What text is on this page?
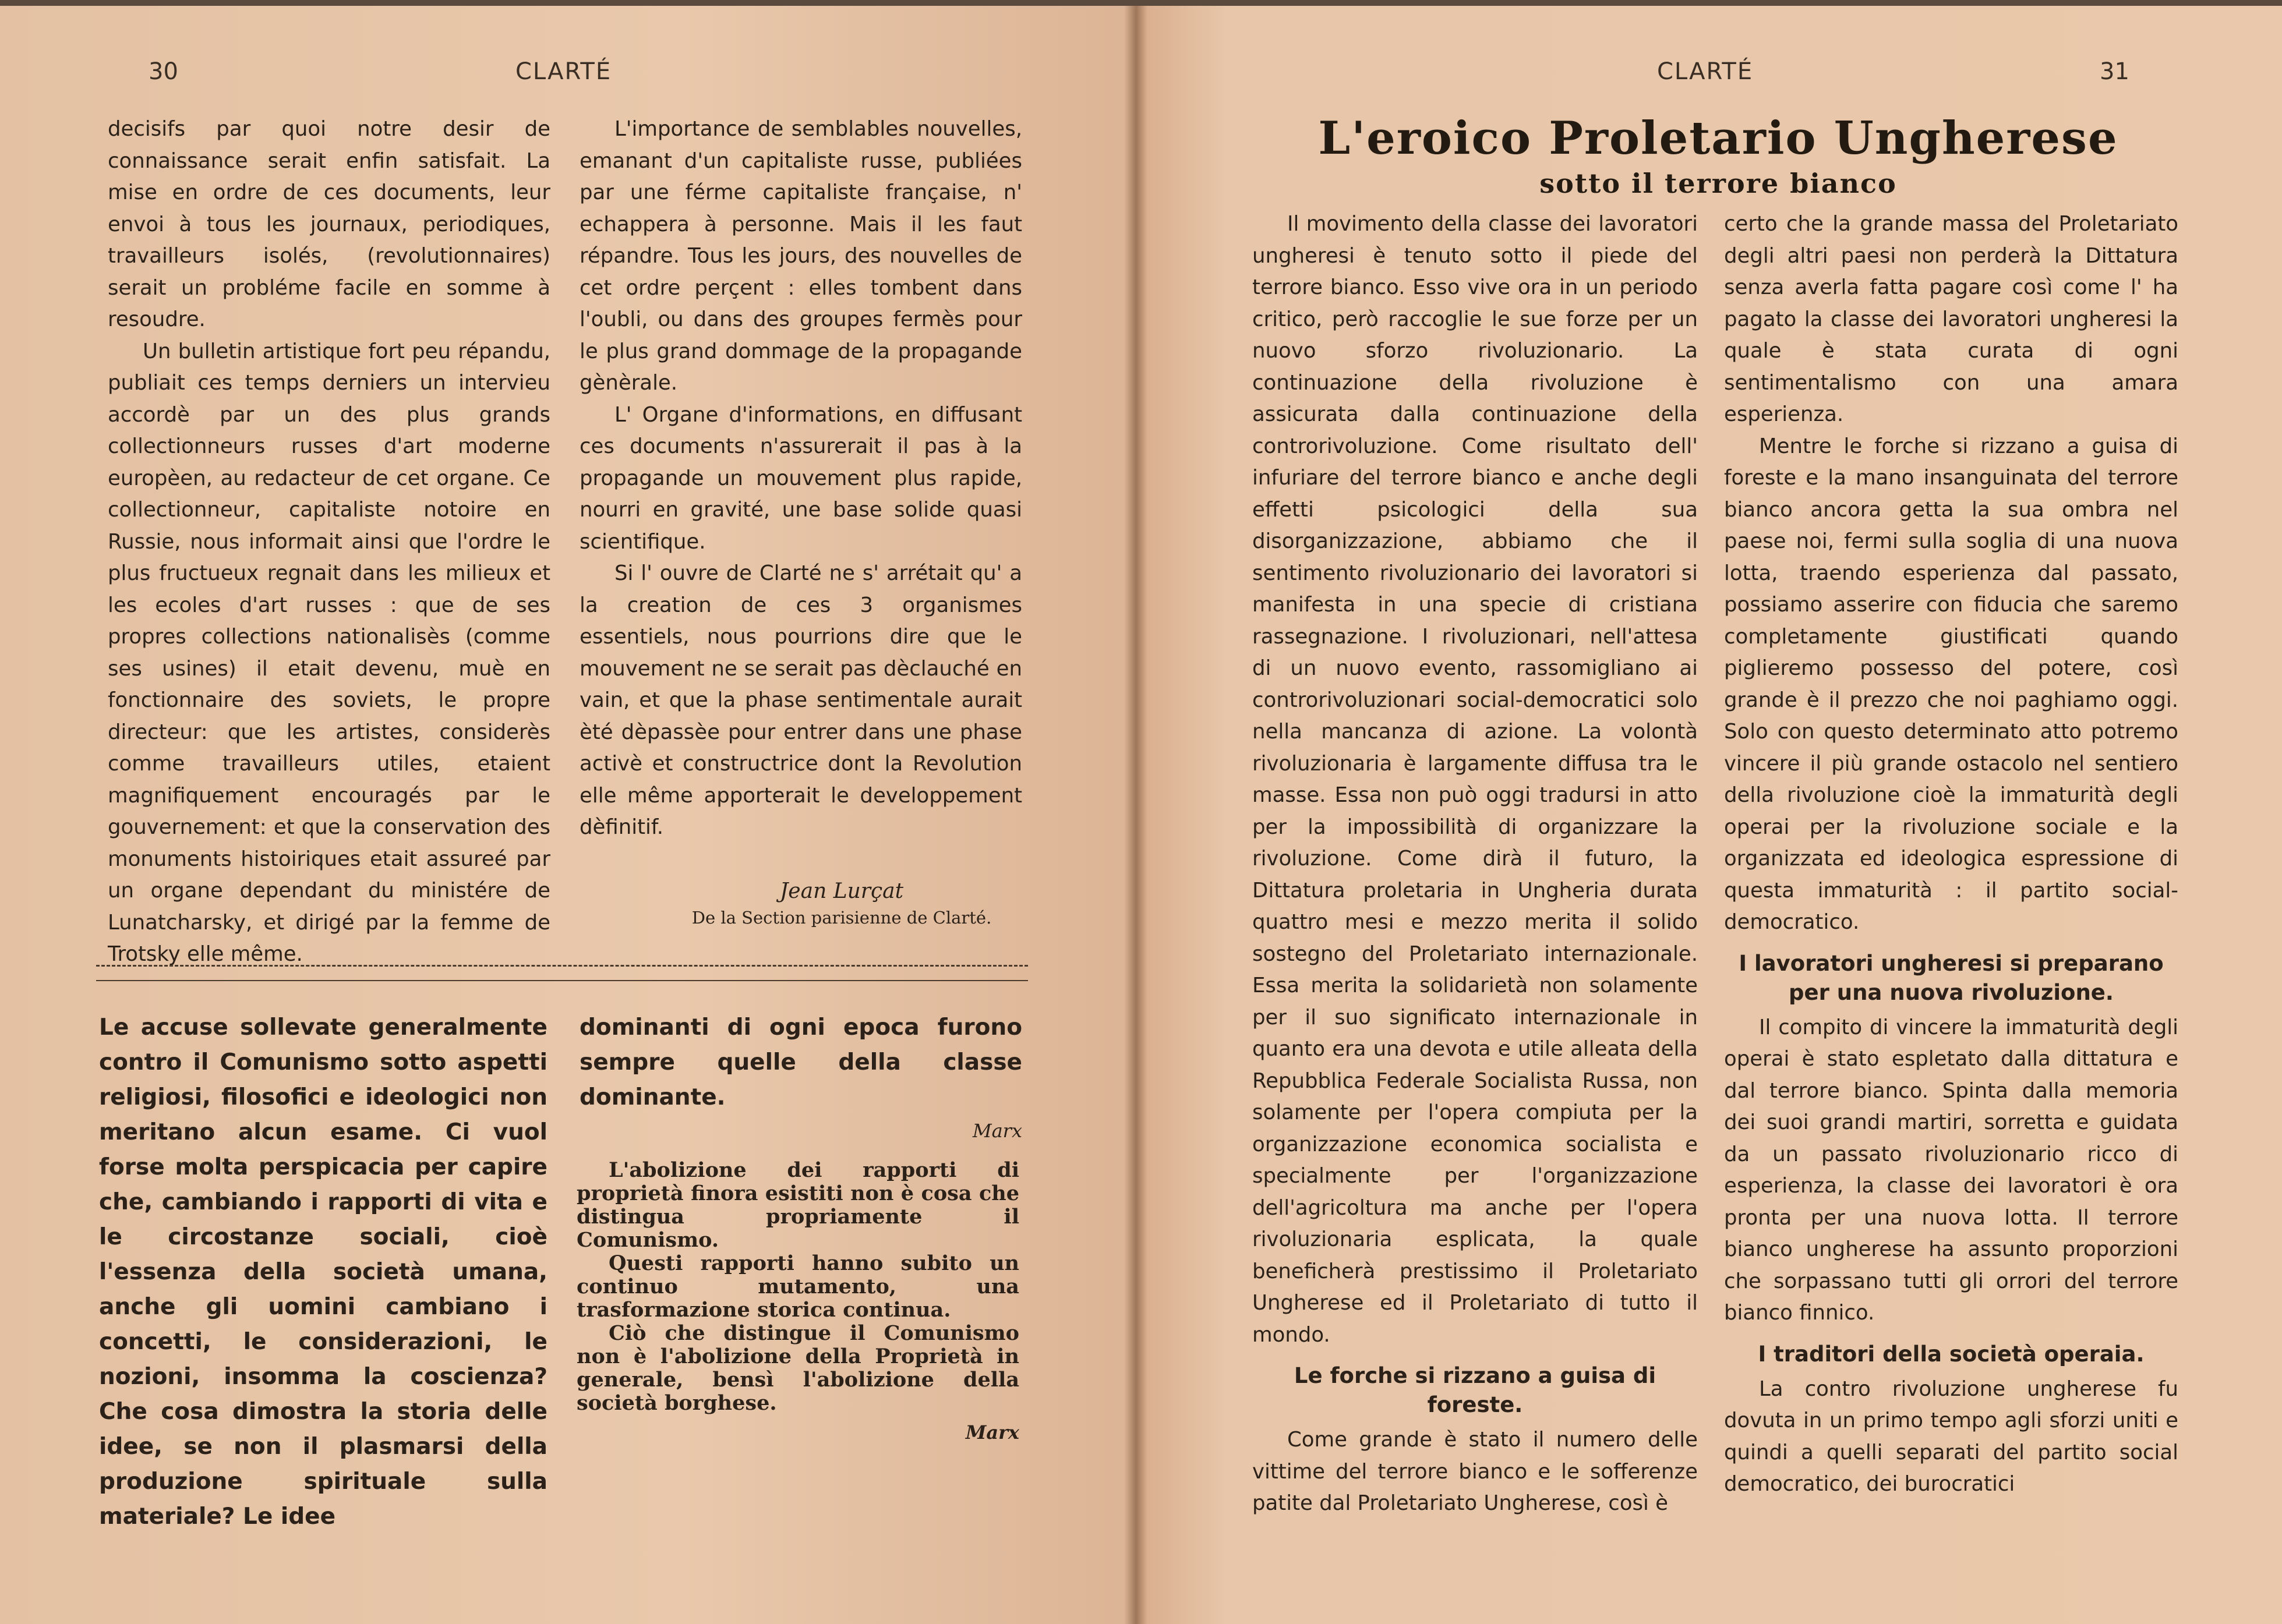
30	CLARTÉ

decisifs par quoi notre desir de connaissance serait enfin satisfait. La mise en ordre de ces documents, leur envoi à tous les journaux, periodiques, travailleurs isolés, (revolutionnaires) serait un probléme facile en somme à resoudre.

Un bulletin artistique fort peu répandu, publiait ces temps derniers un intervieu accordè par un des plus grands collectionneurs russes d'art moderne europèen, au redacteur de cet organe. Ce collectionneur, capitaliste notoire en Russie, nous informait ainsi que l'ordre le plus fructueux regnait dans les milieux et les ecoles d'art russes : que de ses propres collections nationalisès (comme ses usines) il etait devenu, muè en fonctionnaire des soviets, le propre directeur: que les artistes, considerès comme travailleurs utiles, etaient magnifiquement encouragés par le gouvernement: et que la conservation des monuments histoiriques etait assureé par un organe dependant du ministére de Lunatcharsky, et dirigé par la femme de Trotsky elle même.

L'importance de semblables nouvelles, emanant d'un capitaliste russe, publiées par une férme capitaliste française, n' echappera à personne. Mais il les faut répandre. Tous les jours, des nouvelles de cet ordre perçent : elles tombent dans l'oubli, ou dans des groupes fermès pour le plus grand dommage de la propagande gènèrale.

L' Organe d'informations, en diffusant ces documents n'assurerait il pas à la propagande un mouvement plus rapide, nourri en gravité, une base solide quasi scientifique.

Si l' ouvre de Clarté ne s' arrétait qu' a la creation de ces 3 organismes essentiels, nous pourrions dire que le mouvement ne se serait pas dèclauché en vain, et que la phase sentimentale aurait èté dèpassèe pour entrer dans une phase activè et constructrice dont la Revolution elle même apporterait le developpement dèfinitif.

Jean Lurçat
De la Section parisienne de Clarté.
Le accuse sollevate generalmente contro il Comunismo sotto aspetti religiosi, filosofici e ideologici non meritano alcun esame. Ci vuol forse molta perspicacia per capire che, cambiando i rapporti di vita e le circostanze sociali, cioè l'essenza della società umana, anche gli uomini cambiano i concetti, le considerazioni, le nozioni, insomma la coscienza? Che cosa dimostra la storia delle idee, se non il plasmarsi della produzione spirituale sulla materiale? Le idee
dominanti di ogni epoca furono sempre quelle della classe dominante.
Marx

L'abolizione dei rapporti di proprietà finora esistiti non è cosa che distingua propriamente il Comunismo.

Questi rapporti hanno subito un continuo mutamento, una trasformazione storica continua.

Ciò che distingue il Comunismo non è l'abolizione della Proprietà in generale, bensì l'abolizione della società borghese.

Marx
CLARTÉ	31
L'eroico Proletario Ungherese
sotto il terrore bianco

Il movimento della classe dei lavoratori ungheresi è tenuto sotto il piede del terrore bianco. Esso vive ora in un periodo critico, però raccoglie le sue forze per un nuovo sforzo rivoluzionario. La continuazione della rivoluzione è assicurata dalla continuazione della controrivoluzione. Come risultato dell' infuriare del terrore bianco e anche degli effetti psicologici della sua disorganizzazione, abbiamo che il sentimento rivoluzionario dei lavoratori si manifesta in una specie di cristiana rassegnazione. I rivoluzionari, nell'attesa di un nuovo evento, rassomigliano ai controrivoluzionari social-democratici solo nella mancanza di azione. La volontà rivoluzionaria è largamente diffusa tra le masse. Essa non può oggi tradursi in atto per la impossibilità di organizzare la rivoluzione. Come dirà il futuro, la Dittatura proletaria in Ungheria durata quattro mesi e mezzo merita il solido sostegno del Proletariato internazionale. Essa merita la solidarietà non solamente per il suo significato internazionale in quanto era una devota e utile alleata della Repubblica Federale Socialista Russa, non solamente per l'opera compiuta per la organizzazione economica socialista e specialmente per l'organizzazione dell'agricoltura ma anche per l'opera rivoluzionaria esplicata, la quale beneficherà prestissimo il Proletariato Ungherese ed il Proletariato di tutto il mondo.

Le forche si rizzano a guisa di foreste.

Come grande è stato il numero delle vittime del terrore bianco e le sofferenze patite dal Proletariato Ungherese, così è

certo che la grande massa del Proletariato degli altri paesi non perderà la Dittatura senza averla fatta pagare così come l' ha pagato la classe dei lavoratori ungheresi la quale è stata curata di ogni sentimentalismo con una amara esperienza.

Mentre le forche si rizzano a guisa di foreste e la mano insanguinata del terrore bianco ancora getta la sua ombra nel paese noi, fermi sulla soglia di una nuova lotta, traendo esperienza dal passato, possiamo asserire con fiducia che saremo completamente giustificati quando piglieremo possesso del potere, così grande è il prezzo che noi paghiamo oggi. Solo con questo determinato atto potremo vincere il più grande ostacolo nel sentiero della rivoluzione cioè la immaturità degli operai per la rivoluzione sociale e la organizzata ed ideologica espressione di questa immaturità : il partito social-democratico.

I lavoratori ungheresi si preparano per una nuova rivoluzione.

Il compito di vincere la immaturità degli operai è stato espletato dalla dittatura e dal terrore bianco. Spinta dalla memoria dei suoi grandi martiri, sorretta e guidata da un passato rivoluzionario ricco di esperienza, la classe dei lavoratori è ora pronta per una nuova lotta. Il terrore bianco ungherese ha assunto proporzioni che sorpassano tutti gli orrori del terrore bianco finnico.

I traditori della società operaia.

La contro rivoluzione ungherese fu dovuta in un primo tempo agli sforzi uniti e quindi a quelli separati del partito social democratico, dei burocratici
